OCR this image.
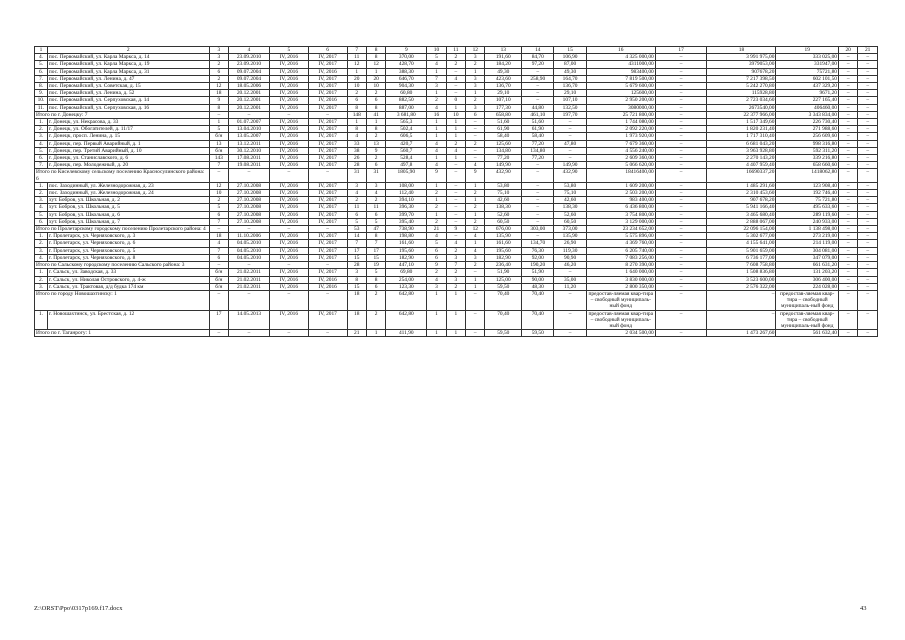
1	2	3	4	5	6	7	8	9	10	11	12	13	14	15	16	17	18	19	20	21
4.	пос. Первомайский, ул. Карла Маркса, д. 14	3	23.09.2010	IV, 2016	IV, 2017	11	8	370,00	5	2	3	191,60	84,70	106,90	4 325 000,00	–	3 991 975,00	333 025,00	–	–
5.	пос. Первомайский, ул. Карла Маркса, д. 19	2	23.09.2010	IV, 2016	IV, 2017	12	12	428,70	4	2	2	184,20	97,20	87,00	4311000,00	–	3979053,00	331947,00	–	–
6.	пос. Первомайский, ул. Карла Маркса, д. 31	6	09.07.2004	IV, 2016	IV, 2016	1	1	388,30	1	–	1	49,30	–	49,30	983400,00	–	907678,20	75721,80	–	–
7.	пос. Первомайский, ул. Ленина, д. 47	2	09.07.2004	IV, 2016	IV, 2017	20	20	646,70	7	4	3	423,60	258,90	164,70	7 819 500,00	–	7 217 398,50	602 101,50	–	–
8.	пос. Первомайский, ул. Советская, д. 15	12	18.05.2006	IV, 2016	IV, 2017	10	10	904,30	3	–	3	136,70	–	136,70	5 679 600,00	–	5 242 270,80	437 329,20	–	–
9.	пос. Первомайский, ул. Ленина, д. 52	18	20.12.2001	IV, 2016	IV, 2017	2	2	60,80	1	–	1	29,10	–	29,10	125600,00	–	115928,80	9671,20	–	–
10.	пос. Первомайский, ул. Серпуховская, д. 14	9	20.12.2001	IV, 2016	IV, 2016	6	6	882,50	2	0	2	107,10	–	107,10	2 950 200,00	–	2 723 034,60	227 165,40	–	–
11.	пос. Первомайский, ул. Серпуховская, д. 16	8	20.12.2001	IV, 2016	IV, 2017	8	8	887,00	4	1	3	177,30	44,80	132,50	3080000,00	–	2673540,00	406460,00	–	–
Итого по г. Донецку: 7		–	–	–	–	148	41	3 681,80	16	10	6	658,80	461,10	197,70	25 721 800,00	–	22 377 966,00	3 343 834,00	–	–
1.	г. Донецк, ул. Некрасова, д. 33	1	01.07.2007	IV, 2016	IV, 2017	1	1	565,3	1	1	–	51,60	51,60	–	1 744 080,00	–	1 517 349,60	226 730,40	–	–
2.	г. Донецк, ул. Обогатителей, д. 11/17	5	13.04.2010	IV, 2016	IV, 2017	8	8	502,4	1	1	–	61,90	61,90	–	2 092 220,00	–	1 820 231,40	271 988,60	–	–
3.	г. Донецк, просп. Ленина, д. 15	б/н	13.05.2007	IV, 2016	IV, 2017	4	2	606,5	1	1	–	58,40	58,40	–	1 973 920,00	–	1 717 310,40	256 609,60	–	–
4.	г. Донецк, пер. Первый Аварийный, д. 1	13	13.12.2011	IV, 2016	IV, 2017	33	13	420,7	4	2	2	125,60	77,20	47,80	7 679 360,00	–	6 681 043,20	998 316,80	–	–
5.	г. Донецк, пер. Третий Аварийный, д. 10	б/н	30.12.2010	IV, 2016	IV, 2017	38	9	560,7	4	4	–	134,80	134,80	–	4 556 240,00	–	3 963 928,80	592 311,20	–	–
6.	г. Донецк, ул. Станиславского, д. 6	143	17.08.2011	IV, 2016	IV, 2017	26	2	528,4	1	1	–	77,20	77,20	–	2 609 360,00	–	2 270 143,20	339 216,80	–	–
7.	г. Донецк, пер. Молодежный, д. 20	7	19.08.2011	IV, 2016	IV, 2017	28	6	497,8	4	–	4	149,90	–	149,90	5 066 620,00	–	4 407 959,40	658 660,60	–	–
Итого по Киселевскому сельскому поселению Красносулинского района: 6		–	–	–	–	31	31	1805,90	9	–	9	432,90	–	432,90	18416400,00	–	16690337,20	1418062,80	–	–
1.	пос. Заходинный, ул. Железнодорожная, д. 23	12	27.10.2008	IV, 2016	IV, 2017	3	3	108,00	1	–	1	53,80	–	53,80	1 609 200,00	–	1 485 291,60	123 908,40	–	–
2.	пос. Заходинный, ул. Железнодорожная, д. 24	10	27.10.2008	IV, 2016	IV, 2017	4	4	112,40	2	–	2	75,10	–	75,10	2 503 200,00	–	2 310 453,60	192 746,40	–	–
3.	хут. Бобров, ул. Школьная, д. 2	2	27.10.2008	IV, 2016	IV, 2017	2	2	394,10	1	–	1	42,60	–	42,60	983 400,00	–	907 678,20	75 721,80	–	–
4.	хут. Бобров, ул. Школьная, д. 5	5	27.10.2008	IV, 2016	IV, 2017	11	11	396,30	2	–	2	138,30	–	138,30	6 436 800,00	–	5 941 166,40	495 633,60	–	–
5.	хут. Бобров, ул. Школьная, д. 6	6	27.10.2008	IV, 2016	IV, 2017	6	6	399,70	1	–	1	52,60	–	52,60	3 754 800,00	–	3 465 680,40	289 119,60	–	–
6.	хут. Бобров, ул. Школьная, д. 7	7	27.10.2008	IV, 2016	IV, 2017	5	5	395,40	2	–	2	60,50	–	60,50	3 129 000,00	–	2 888 067,00	240 933,00	–	–
Итого по Пролетарскому городскому поселению Пролетарского района: 4		–	–	–	–	53	47	738,90	21	9	12	676,00	303,00	373,00	23 234 652,00	–	22 096 154,00	1 138 498,00	–	–
1.	г. Пролетарск, ул. Черняховского, д. 3	18	11.10.2006	IV, 2016	IV, 2017	14	8	198,80	4	–	4	135,90	–	135,90	5 575 896,00	–	5 302 677,00	273 219,00	–	–
2.	г. Пролетарск, ул. Черняховского, д. 6	4	04.05.2010	IV, 2016	IV, 2017	7	7	161,60	5	4	1	161,60	134,70	26,90	4 369 760,00	–	4 155 641,00	214 119,00	–	–
3.	г. Пролетарск, ул. Черняховского, д. 5	7	04.05.2010	IV, 2016	IV, 2017	17	17	195,60	6	2	4	195,60	76,30	119,30	6 205 740,00	–	5 901 659,00	304 081,00	–	–
4.	г. Пролетарск, ул. Черняховского, д. 8	6	04.05.2010	IV, 2016	IV, 2017	15	15	182,90	6	3	3	182,90	92,00	90,90	7 083 256,00	–	6 736 177,00	347 079,00	–	–
Итого по Сальскому городскому поселению Сальского района: 3		–	–	–	–	28	19	447,10	9	7	2	236,40	190,20	46,20	8 270 390,00	–	7 608 758,80	661 631,20	–	–
1.	г. Сальск, ул. Заводская, д. 33	б/н	21.02.2011	IV, 2016	IV, 2017	3	5	69,80	2	2	–	51,90	51,90	–	1 640 000,00	–	1 508 836,80	131 203,20	–	–
2.	г. Сальск, ул. Николая Островского, д. 4-ж	б/н	21.02.2011	IV, 2016	IV, 2016	8	8	254,00	4	3	1	125,00	90,00	35,00	3 830 000,00	–	3 523 600,00	306 400,00	–	–
3.	г. Сальск, ул. Трактовая, д/д будка 174 км	б/н	21.02.2011	IV, 2016	IV, 2016	15	6	123,30	3	2	1	59,50	48,30	11,20	2 800 350,00	–	2 576 322,00	224 028,00	–	–
Итого по городу Новошахтинску: 1		–	–	–	–	18	2	642,80	1	1	–	70,40	70,40	–	предостав-ляемая квар-тира – свободный муниципаль-ный фонд	–	–	предостав-ляемая квар-тира – свободный муниципаль-ный фонд	–	–
1.	г. Новошахтинск, ул. Брестская, д. 12	17	14.05.2013	IV, 2016	IV, 2017	18	2	642,80	1	1	–	70,40	70,40	–	предостав-ляемая квар-тира – свободный муниципаль-ный фонд	–	–	предостав-ляемая квар-тира – свободный муниципаль-ный фонд	–	–
Итого по г. Таганрогу: 1		–	–	–	–	21	1	411,90	1	1	–	59,50	59,50	–	2 034 500,00	–	1 473 267,60	561 632,40	–	–
Z:\ORST\Ppo\0317p169.f17.docx	43
